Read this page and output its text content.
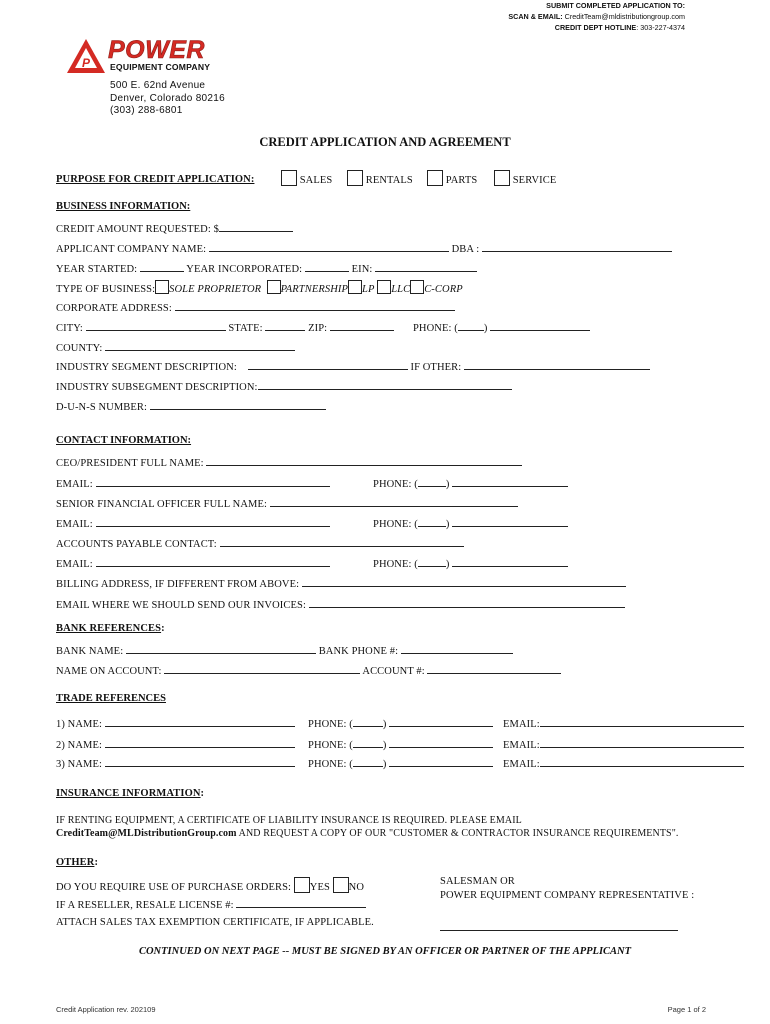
SUBMIT COMPLETED APPLICATION TO:
SCAN & EMAIL: CreditTeam@mldistributiongroup.com
CREDIT DEPT HOTLINE: 303-227-4374
P POWER
EQUIPMENT COMPANY
500 E. 62nd Avenue
Denver, Colorado 80216
(303) 288-6801
CREDIT APPLICATION AND AGREEMENT
PURPOSE FOR CREDIT APPLICATION:	SALES	RENTALS	PARTS	SERVICE
BUSINESS INFORMATION:
CREDIT AMOUNT REQUESTED: $
APPLICANT COMPANY NAME:	DBA :
YEAR STARTED:	YEAR INCORPORATED:	EIN:
TYPE OF BUSINESS: SOLE PROPRIETOR PARTNERSHIP LP LLC C-CORP
CORPORATE ADDRESS:
CITY:	STATE:	ZIP:	PHONE: ( )
COUNTY:
INDUSTRY SEGMENT DESCRIPTION:	IF OTHER:
INDUSTRY SUBSEGMENT DESCRIPTION:
D-U-N-S NUMBER:
CONTACT INFORMATION:
CEO/PRESIDENT FULL NAME:
EMAIL:	PHONE: (	)
SENIOR FINANCIAL OFFICER FULL NAME:
EMAIL:	PHONE: (	)
ACCOUNTS PAYABLE CONTACT:
EMAIL:	PHONE: (	)
BILLING ADDRESS, IF DIFFERENT FROM ABOVE:
EMAIL WHERE WE SHOULD SEND OUR INVOICES:
BANK REFERENCES:
BANK NAME:	BANK PHONE #:
NAME ON ACCOUNT:	ACCOUNT #:
TRADE REFERENCES
1) NAME:	PHONE: (	)	EMAIL:
2) NAME:	PHONE: (	)	EMAIL:
3) NAME:	PHONE: (	)	EMAIL:
INSURANCE INFORMATION:
IF RENTING EQUIPMENT, A CERTIFICATE OF LIABILITY INSURANCE IS REQUIRED. PLEASE EMAIL
CreditTeam@MLDistributionGroup.com AND REQUEST A COPY OF OUR "CUSTOMER & CONTRACTOR INSURANCE REQUIREMENTS".
OTHER:
DO YOU REQUIRE USE OF PURCHASE ORDERS: YES NO
IF A RESELLER, RESALE LICENSE #:
ATTACH SALES TAX EXEMPTION CERTIFICATE, IF APPLICABLE.
SALESMAN OR
POWER EQUIPMENT COMPANY REPRESENTATIVE :
CONTINUED ON NEXT PAGE -- MUST BE SIGNED BY AN OFFICER OR PARTNER OF THE APPLICANT
Credit Application rev. 202109	Page 1 of 2
